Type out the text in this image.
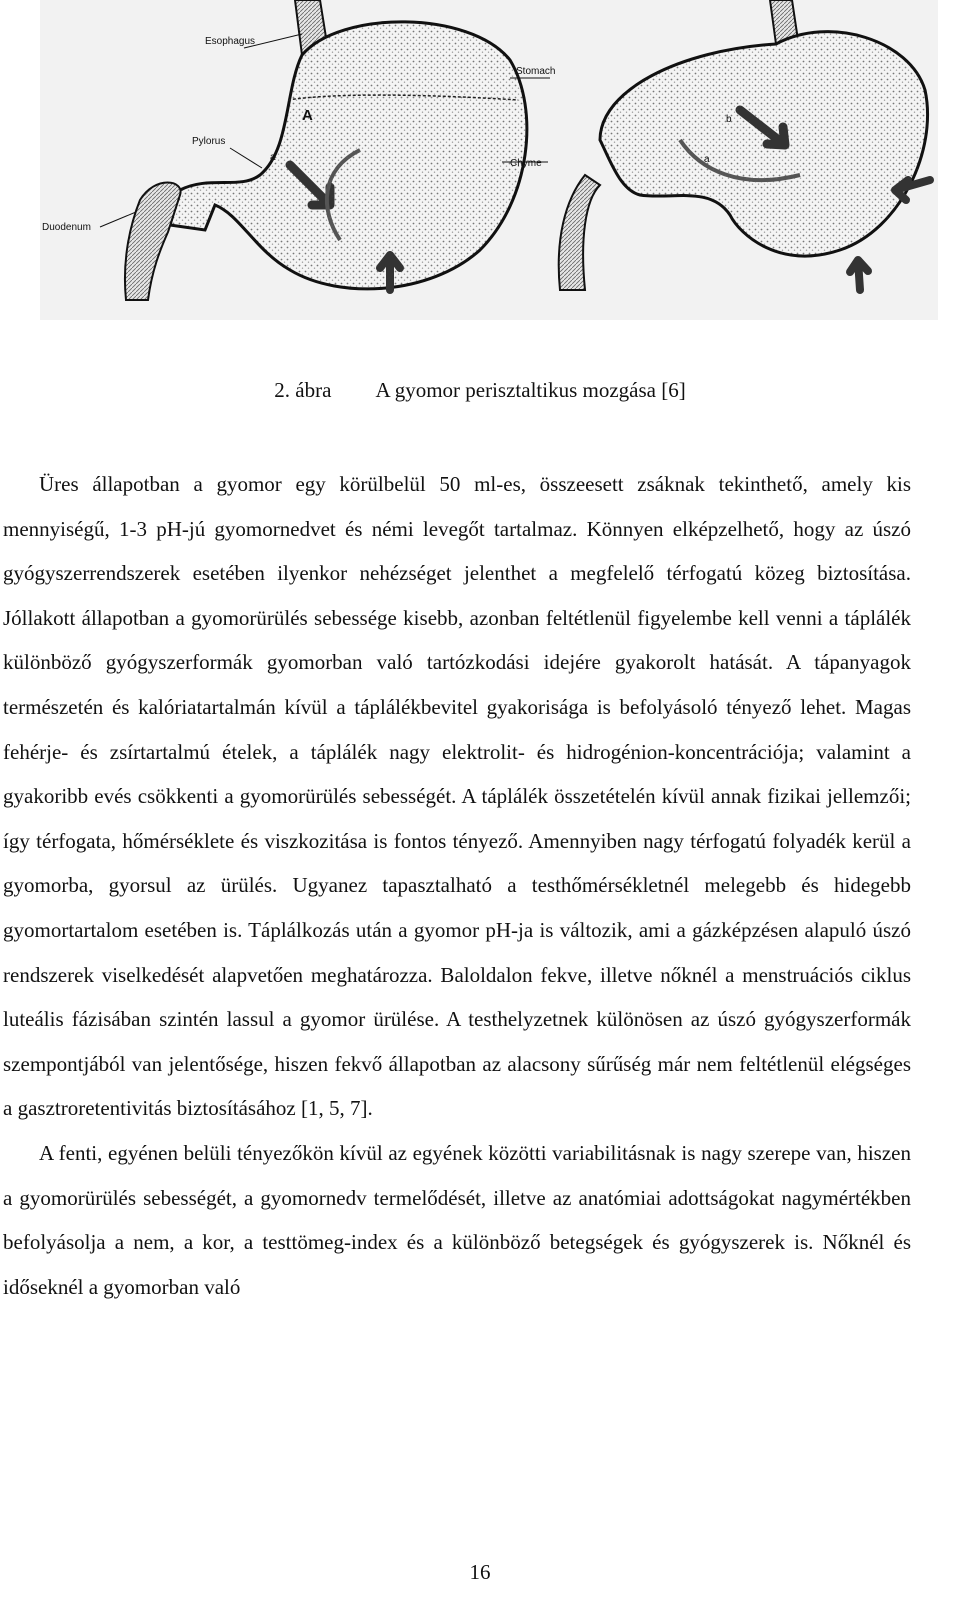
Esophagus
Stomach
Pylorus
Chyme
Duodenum
A
a
b
a
2. ábra A gyomor perisztaltikus mozgása [6]

Üres állapotban a gyomor egy körülbelül 50 ml-es, összeesett zsáknak tekinthető, amely kis mennyiségű, 1-3 pH-jú gyomornedvet és némi levegőt tartalmaz. Könnyen elképzelhető, hogy az úszó gyógyszerrendszerek esetében ilyenkor nehézséget jelenthet a megfelelő térfogatú közeg biztosítása. Jóllakott állapotban a gyomorürülés sebessége kisebb, azonban feltétlenül figyelembe kell venni a táplálék különböző gyógyszerformák gyomorban való tartózkodási idejére gyakorolt hatását. A tápanyagok természetén és kalóriatartalmán kívül a táplálékbevitel gyakorisága is befolyásoló tényező lehet. Magas fehérje- és zsírtartalmú ételek, a táplálék nagy elektrolit- és hidrogénion-koncentrációja; valamint a gyakoribb evés csökkenti a gyomorürülés sebességét. A táplálék összetételén kívül annak fizikai jellemzői; így térfogata, hőmérséklete és viszkozitása is fontos tényező. Amennyiben nagy térfogatú folyadék kerül a gyomorba, gyorsul az ürülés. Ugyanez tapasztalható a testhőmérsékletnél melegebb és hidegebb gyomortartalom esetében is. Táplálkozás után a gyomor pH-ja is változik, ami a gázképzésen alapuló úszó rendszerek viselkedését alapvetően meghatározza. Baloldalon fekve, illetve nőknél a menstruációs ciklus luteális fázisában szintén lassul a gyomor ürülése. A testhelyzetnek különösen az úszó gyógyszerformák szempontjából van jelentősége, hiszen fekvő állapotban az alacsony sűrűség már nem feltétlenül elégséges a gasztroretentivitás biztosításához [1, 5, 7].

A fenti, egyénen belüli tényezőkön kívül az egyének közötti variabilitásnak is nagy szerepe van, hiszen a gyomorürülés sebességét, a gyomornedv termelődését, illetve az anatómiai adottságokat nagymértékben befolyásolja a nem, a kor, a testtömeg-index és a különböző betegségek és gyógyszerek is. Nőknél és időseknél a gyomorban való

16
